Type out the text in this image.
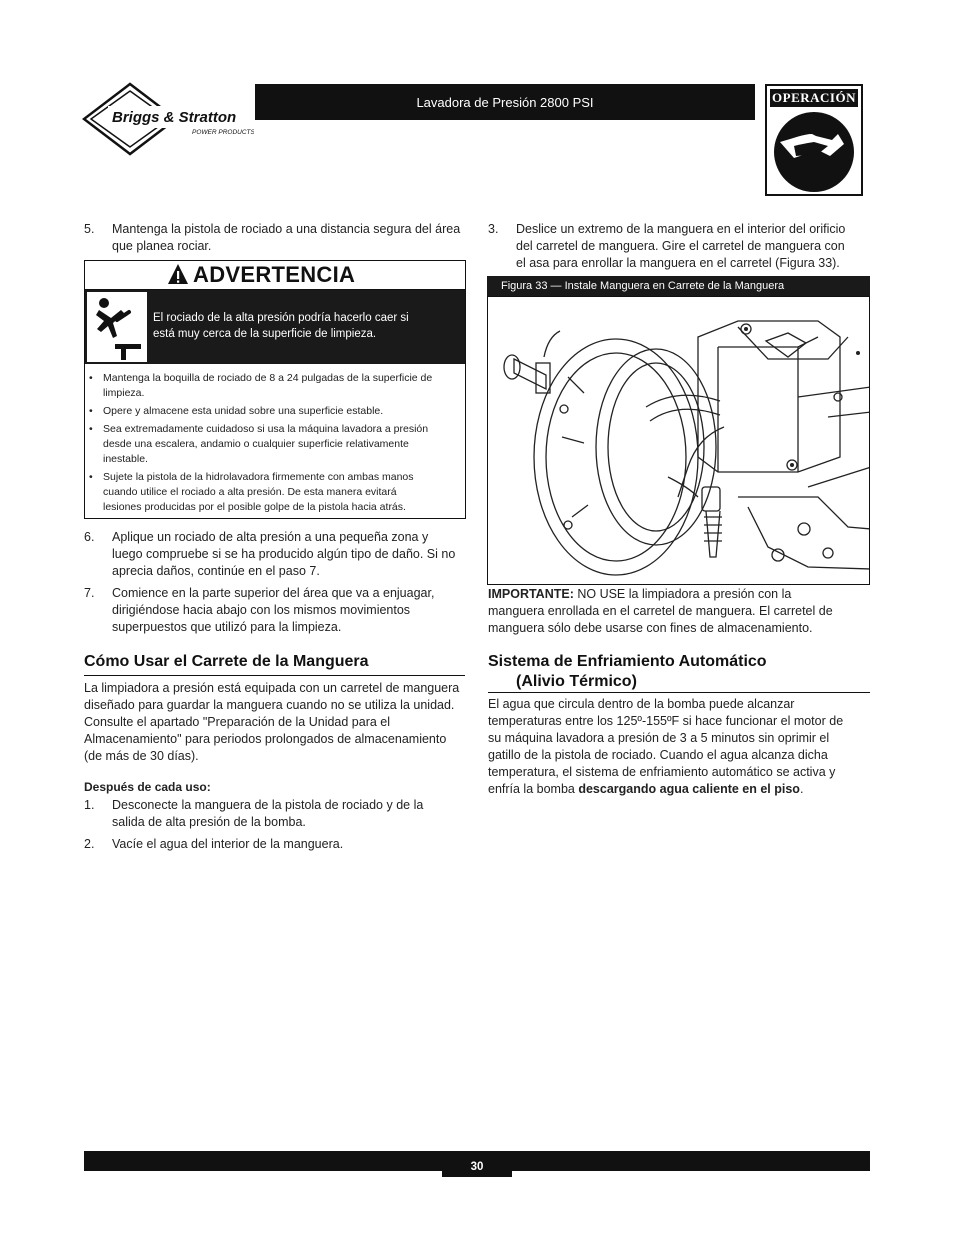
Briggs & Stratton
POWER PRODUCTS
Lavadora de Presión 2800 PSI	OPERACIÓN
5. Mantenga la pistola de rociado a una distancia segura del área
que planea rociar.
ADVERTENCIA
El rociado de la alta presión podría hacerlo caer si
está muy cerca de la superficie de limpieza.
• Mantenga la boquilla de rociado de 8 a 24 pulgadas de la superficie de
limpieza.
• Opere y almacene esta unidad sobre una superficie estable.
• Sea extremadamente cuidadoso si usa la máquina lavadora a presión
desde una escalera, andamio o cualquier superficie relativamente
inestable.
• Sujete la pistola de la hidrolavadora firmemente con ambas manos
cuando utilice el rociado a alta presión. De esta manera evitará
lesiones producidas por el posible golpe de la pistola hacia atrás.
6. Aplique un rociado de alta presión a una pequeña zona y
luego compruebe si se ha producido algún tipo de daño. Si no
aprecia daños, continúe en el paso 7.
7. Comience en la parte superior del área que va a enjuagar,
dirigiéndose hacia abajo con los mismos movimientos
superpuestos que utilizó para la limpieza.
Cómo Usar el Carrete de la Manguera
La limpiadora a presión está equipada con un carretel de manguera
diseñado para guardar la manguera cuando no se utiliza la unidad.
Consulte el apartado "Preparación de la Unidad para el
Almacenamiento" para periodos prolongados de almacenamiento
(de más de 30 días).
Después de cada uso:
1. Desconecte la manguera de la pistola de rociado y de la
salida de alta presión de la bomba.
2. Vacíe el agua del interior de la manguera.
3. Deslice un extremo de la manguera en el interior del orificio
del carretel de manguera. Gire el carretel de manguera con
el asa para enrollar la manguera en el carretel (Figura 33).
Figura 33 — Instale Manguera en Carrete de la Manguera
IMPORTANTE: NO USE la limpiadora a presión con la
manguera enrollada en el carretel de manguera. El carretel de
manguera sólo debe usarse con fines de almacenamiento.
Sistema de Enfriamiento Automático
(Alivio Térmico)
El agua que circula dentro de la bomba puede alcanzar
temperaturas entre los 125º-155ºF si hace funcionar el motor de
su máquina lavadora a presión de 3 a 5 minutos sin oprimir el
gatillo de la pistola de rociado. Cuando el agua alcanza dicha
temperatura, el sistema de enfriamiento automático se activa y
enfría la bomba descargando agua caliente en el piso.
30
